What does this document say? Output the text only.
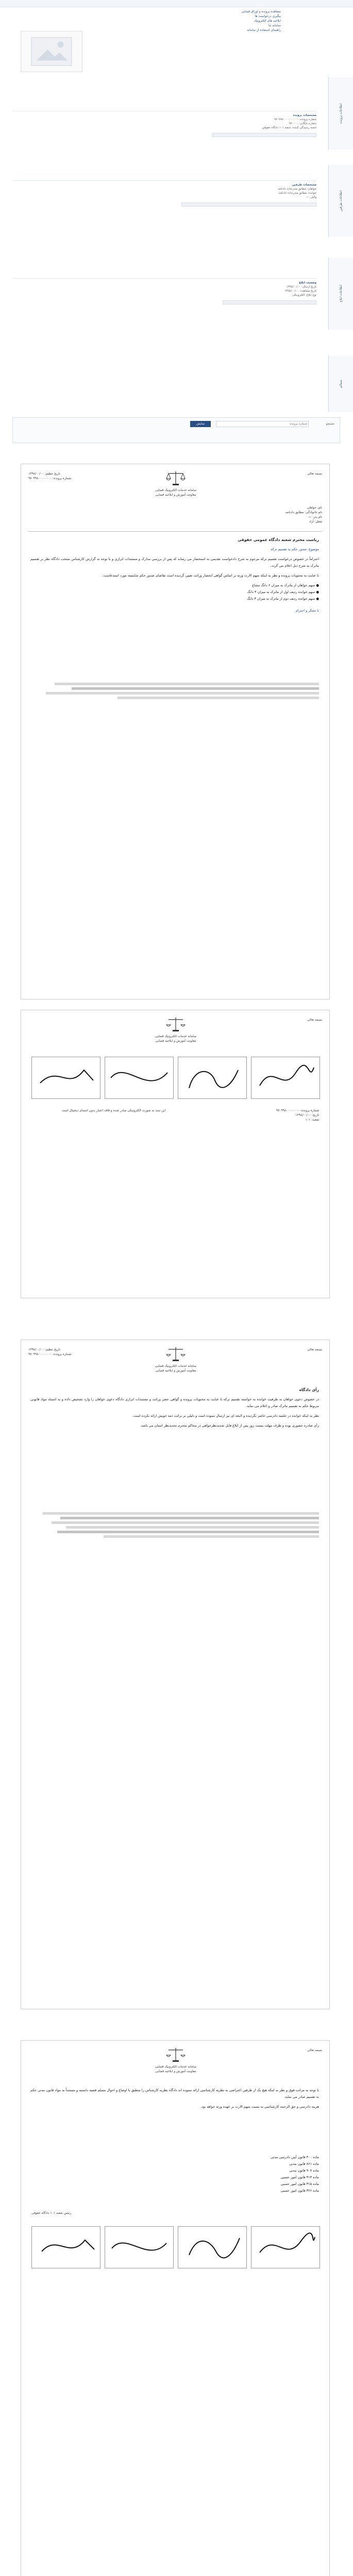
مشاهده پرونده و اوراق قضایی
پیگیری درخواست ها
ابلاغیه های الکترونیک
سامانه ثنا
راهنمای استفاده از سامانه
اطلاعات پرونده
اطلاعات طرفین
اطلاعات ابلاغ
ضمائم
مشخصات پرونده
شماره پرونده: ۹۷۰۹۹۸۰۰۰۰۰۰۰۰۰۰
شماره بایگانی: ۹۷۰۰۰۰
شعبه رسیدگی کننده: شعبه ۱۰۱ دادگاه حقوقی
مشخصات طرفین
خواهان: مطابق مندرجات دادنامه
خوانده: مطابق مندرجات دادنامه
وکیل: —
وضعیت ابلاغ
تاریخ ارسال: ۱۳۹۸/۰۰/۰۰
تاریخ مشاهده: ۱۳۹۸/۰۰/۰۰
نوع ابلاغ: الکترونیکی
جستجو
شماره پرونده
نمایش
بسمه تعالی
سامانه خدمات الکترونیک قضایی
معاونت آموزش و ابلاغیه قضایی
تاریخ تنظیم: ۱۳۹۸/۰۰/۰۰
شماره پرونده: ۹۷۰۹۹۸۰۰۰۰۰۰۰۰
نام: خواهان
نام خانوادگی: مطابق دادنامه
نام پدر: —
شغل: آزاد

ریاست محترم شعبه دادگاه عمومی حقوقی

موضوع: صدور حکم به تقسیم ترکه

احتراماً در خصوص درخواست تقسیم ترکه مرحوم به شرح دادخواست تقدیمی به استحضار می رساند که پس از بررسی مدارک و مستندات ابرازی و با توجه به گزارش کارشناس منتخب دادگاه نظر بر تقسیم ماترک به شرح ذیل اعلام می گردد.

با عنایت به محتویات پرونده و نظر به اینکه سهم الارث ورثه بر اساس گواهی انحصار وراثت تعیین گردیده است تقاضای صدور حکم شایسته مورد استدعاست.

● سهم خواهان از ماترک به میزان ۶ دانگ مشاع
● سهم خوانده ردیف اول از ماترک به میزان ۳ دانگ
● سهم خوانده ردیف دوم از ماترک به میزان ۳ دانگ

با تشکر و احترام

بسمه تعالی
سامانه خدمات الکترونیک قضایی
معاونت آموزش و ابلاغیه قضایی
شماره پرونده: ۹۷۰۹۹۸۰۰۰۰۰۰۰۰
تاریخ: ۱۳۹۸/۰۰/۰۰
شعبه: ۱۰۱
این سند به صورت الکترونیکی صادر شده و فاقد اعتبار بدون امضای دیجیتال است
بسمه تعالی
سامانه خدمات الکترونیک قضایی
معاونت آموزش و ابلاغیه قضایی
تاریخ تنظیم: ۱۳۹۸/۰۰/۰۰
شماره پرونده: ۹۷۰۹۹۸۰۰۰۰۰۰۰۰

رأی دادگاه

در خصوص دعوی خواهان به طرفیت خوانده به خواسته تقسیم ترکه با عنایت به محتویات پرونده و گواهی حصر وراثت و مستندات ابرازی دادگاه دعوی خواهان را وارد تشخیص داده و به استناد مواد قانونی مربوط حکم به تقسیم ماترک صادر و اعلام می نماید.

نظر به اینکه خوانده در جلسه دادرسی حاضر نگردیده و لایحه ای نیز ارسال ننموده است و دلیلی بر برائت ذمه خویش ارائه نکرده است.

رأی صادره حضوری بوده و ظرف مهلت بیست روز پس از ابلاغ قابل تجدیدنظرخواهی در محاکم محترم تجدیدنظر استان می باشد.

بسمه تعالی
سامانه خدمات الکترونیک قضایی
معاونت آموزش و ابلاغیه قضایی

با توجه به مراتب فوق و نظر به اینکه هیچ یک از طرفین اعتراضی به نظریه کارشناسی ارائه ننموده اند دادگاه نظریه کارشناس را منطبق با اوضاع و احوال مسلم قضیه دانسته و مستنداً به مواد قانون مدنی حکم به تقسیم صادر می نماید.

هزینه دادرسی و حق الزحمه کارشناسی به نسبت سهم الارث بر عهده ورثه خواهد بود.

ماده ۳۰۰ قانون آیین دادرسی مدنی
ماده ۸۶۱ قانون مدنی
ماده ۹۰۷ قانون مدنی
ماده ۳۱۳ قانون امور حسبی
ماده ۳۱۵ قانون امور حسبی
ماده ۳۲۶ قانون امور حسبی
رئیس شعبه ۱۰۱ دادگاه حقوقی
